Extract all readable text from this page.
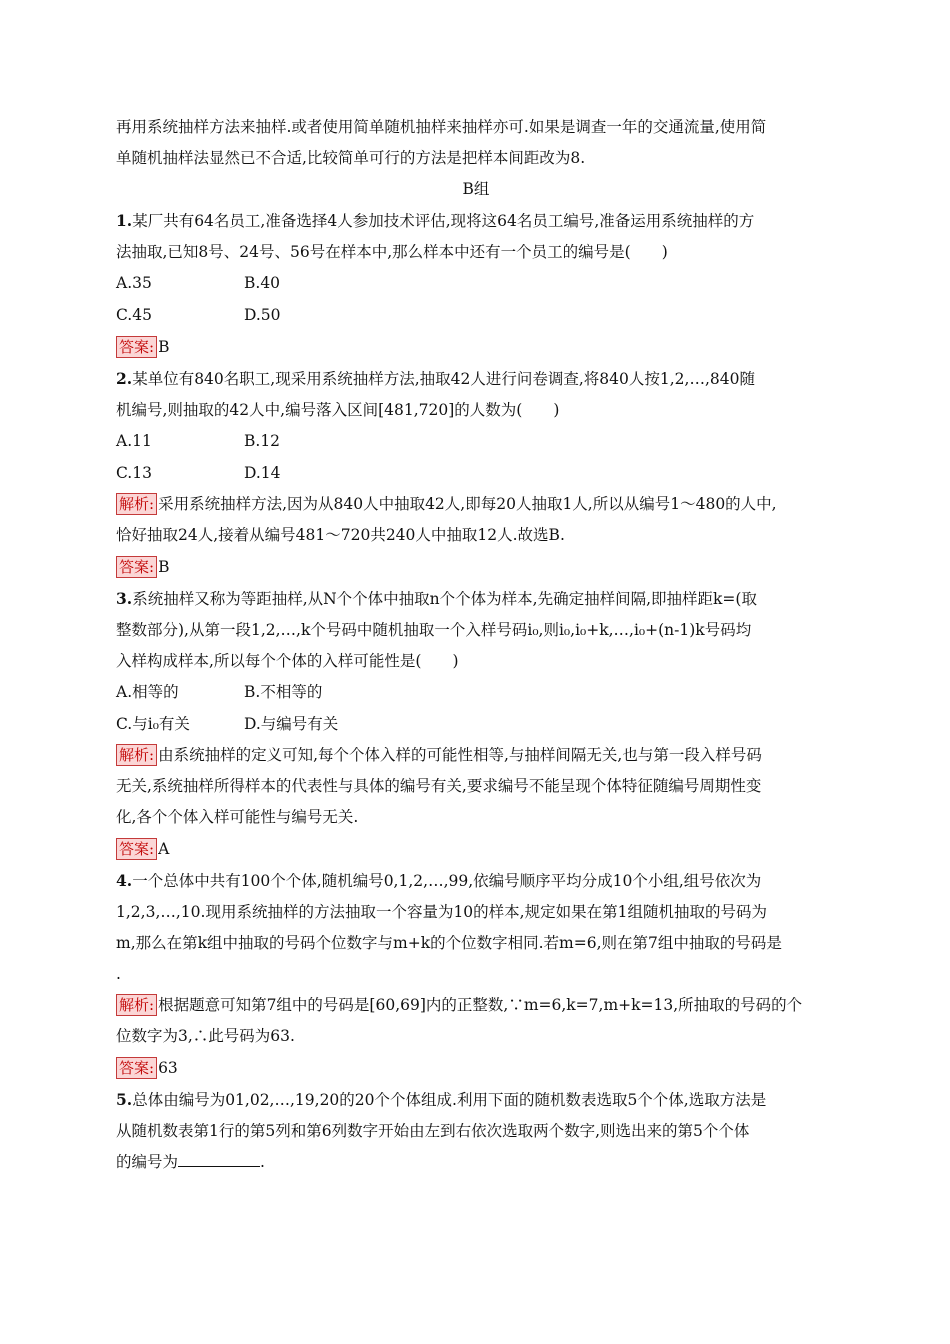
再用系统抽样方法来抽样.或者使用简单随机抽样来抽样亦可.如果是调查一年的交通流量,使用简

单随机抽样法显然已不合适,比较简单可行的方法是把样本间距改为8.

B组

1.某厂共有64名员工,准备选择4人参加技术评估,现将这64名员工编号,准备运用系统抽样的方

法抽取,已知8号、24号、56号在样本中,那么样本中还有一个员工的编号是(　　)

A.35	B.40
C.45	D.50
答案: B

2.某单位有840名职工,现采用系统抽样方法,抽取42人进行问卷调查,将840人按1,2,…,840随

机编号,则抽取的42人中,编号落入区间[481,720]的人数为(　　)

A.11	B.12
C.13	D.14

解析: 采用系统抽样方法,因为从840人中抽取42人,即每20人抽取1人,所以从编号1～480的人中,

恰好抽取24人,接着从编号481～720共240人中抽取12人.故选B.

答案: B

3.系统抽样又称为等距抽样,从N个个体中抽取n个个体为样本,先确定抽样间隔,即抽样距k=(取

整数部分),从第一段1,2,…,k个号码中随机抽取一个入样号码i₀,则i₀,i₀+k,…,i₀+(n-1)k号码均

入样构成样本,所以每个个体的入样可能性是(　　)

A.相等的	B.不相等的
C.与i₀有关	D.与编号有关

解析: 由系统抽样的定义可知,每个个体入样的可能性相等,与抽样间隔无关,也与第一段入样号码

无关,系统抽样所得样本的代表性与具体的编号有关,要求编号不能呈现个体特征随编号周期性变

化,各个个体入样可能性与编号无关.

答案: A

4.一个总体中共有100个个体,随机编号0,1,2,…,99,依编号顺序平均分成10个小组,组号依次为

1,2,3,…,10.现用系统抽样的方法抽取一个容量为10的样本,规定如果在第1组随机抽取的号码为

m,那么在第k组中抽取的号码个位数字与m+k的个位数字相同.若m=6,则在第7组中抽取的号码是

.

解析: 根据题意可知第7组中的号码是[60,69]内的正整数,∵m=6,k=7,m+k=13,所抽取的号码的个

位数字为3,∴此号码为63.

答案: 63

5.总体由编号为01,02,…,19,20的20个个体组成.利用下面的随机数表选取5个个体,选取方法是

从随机数表第1行的第5列和第6列数字开始由左到右依次选取两个数字,则选出来的第5个个体

的编号为	.
